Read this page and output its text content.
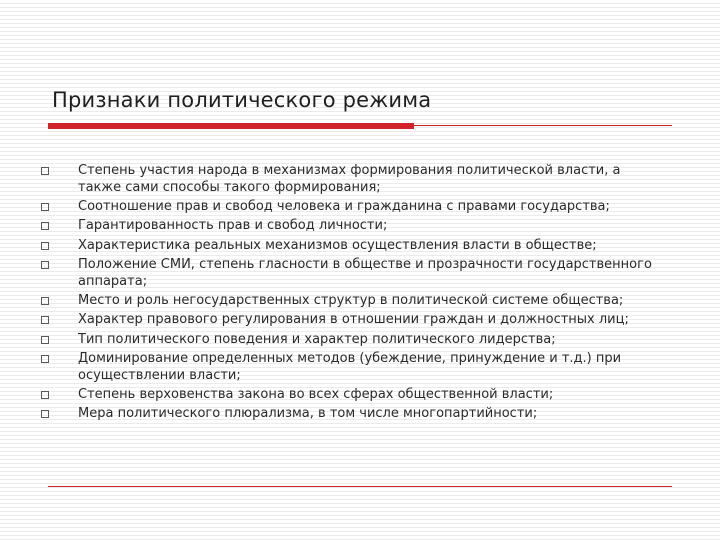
Признаки политического режима
Степень участия народа в механизмах формирования политической власти, а
также сами способы такого формирования;
Соотношение прав и свобод человека и гражданина с правами государства;
Гарантированность прав и свобод личности;
Характеристика реальных механизмов осуществления власти в обществе;
Положение СМИ, степень гласности в обществе и прозрачности государственного
аппарата;
Место и роль негосударственных структур в политической системе общества;
Характер правового регулирования в отношении граждан и должностных лиц;
Тип политического поведения и характер политического лидерства;
Доминирование определенных методов (убеждение, принуждение и т.д.) при
осуществлении власти;
Степень верховенства закона во всех сферах общественной власти;
Мера политического плюрализма, в том числе многопартийности;
